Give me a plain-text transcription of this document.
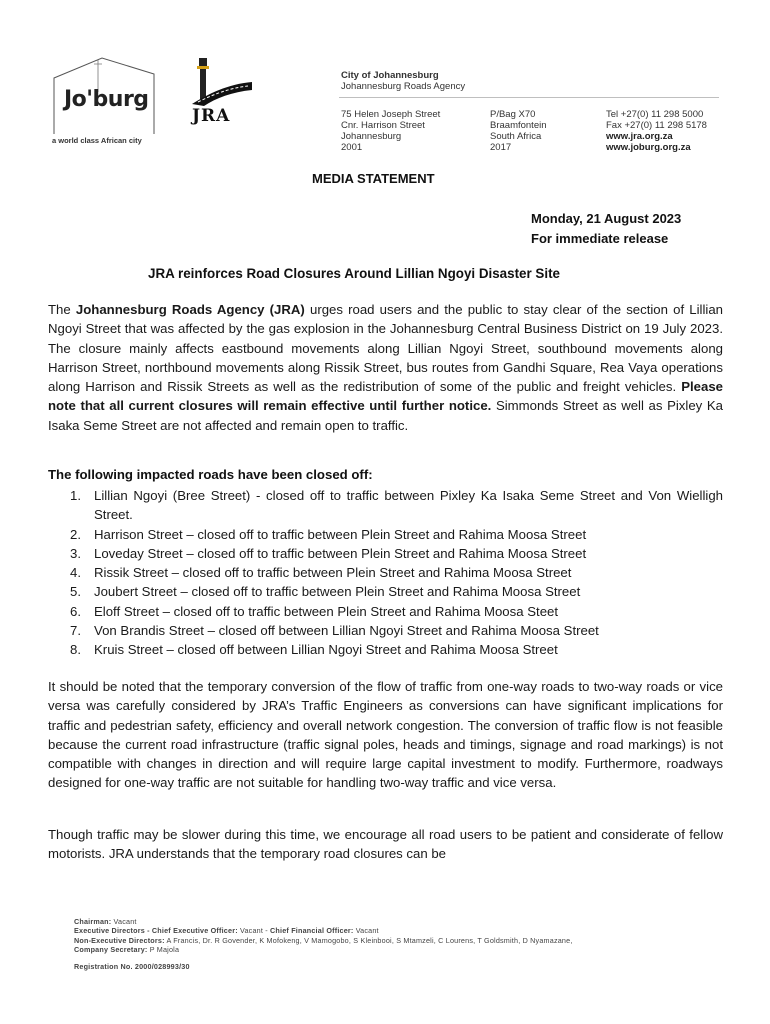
Jo'burg
a world class African city
JRA
City of Johannesburg
Johannesburg Roads Agency
75 Helen Joseph Street
Cnr. Harrison Street
Johannesburg
2001
P/Bag X70
Braamfontein
South Africa
2017
Tel +27(0) 11 298 5000
Fax +27(0) 11 298 5178
www.jra.org.za
www.joburg.org.za
MEDIA STATEMENT
Monday, 21 August 2023
For immediate release
JRA reinforces Road Closures Around Lillian Ngoyi Disaster Site

The Johannesburg Roads Agency (JRA) urges road users and the public to stay clear of the section of Lillian Ngoyi Street that was affected by the gas explosion in the Johannesburg Central Business District on 19 July 2023. The closure mainly affects eastbound movements along Lillian Ngoyi Street, southbound movements along Harrison Street, northbound movements along Rissik Street, bus routes from Gandhi Square, Rea Vaya operations along Harrison and Rissik Streets as well as the redistribution of some of the public and freight vehicles. Please note that all current closures will remain effective until further notice. Simmonds Street as well as Pixley Ka Isaka Seme Street are not affected and remain open to traffic.

The following impacted roads have been closed off:
1. Lillian Ngoyi (Bree Street) - closed off to traffic between Pixley Ka Isaka Seme Street and Von Wielligh Street.
2. Harrison Street – closed off to traffic between Plein Street and Rahima Moosa Street
3. Loveday Street – closed off to traffic between Plein Street and Rahima Moosa Street
4. Rissik Street – closed off to traffic between Plein Street and Rahima Moosa Street
5. Joubert Street – closed off to traffic between Plein Street and Rahima Moosa Street
6. Eloff Street – closed off to traffic between Plein Street and Rahima Moosa Steet
7. Von Brandis Street – closed off between Lillian Ngoyi Street and Rahima Moosa Street
8. Kruis Street – closed off between Lillian Ngoyi Street and Rahima Moosa Street

It should be noted that the temporary conversion of the flow of traffic from one-way roads to two-way roads or vice versa was carefully considered by JRA’s Traffic Engineers as conversions can have significant implications for traffic and pedestrian safety, efficiency and overall network congestion. The conversion of traffic flow is not feasible because the current road infrastructure (traffic signal poles, heads and timings, signage and road markings) is not compatible with changes in direction and will require large capital investment to modify. Furthermore, roadways designed for one-way traffic are not suitable for handling two-way traffic and vice versa.

Though traffic may be slower during this time, we encourage all road users to be patient and considerate of fellow motorists. JRA understands that the temporary road closures can be

Chairman: Vacant
Executive Directors - Chief Executive Officer: Vacant - Chief Financial Officer: Vacant
Non-Executive Directors: A Francis, Dr. R Govender, K Mofokeng, V Mamogobo, S Kleinbooi, S Mtamzeli, C Lourens, T Goldsmith, D Nyamazane,
Company Secretary: P Majola
Registration No. 2000/028993/30
